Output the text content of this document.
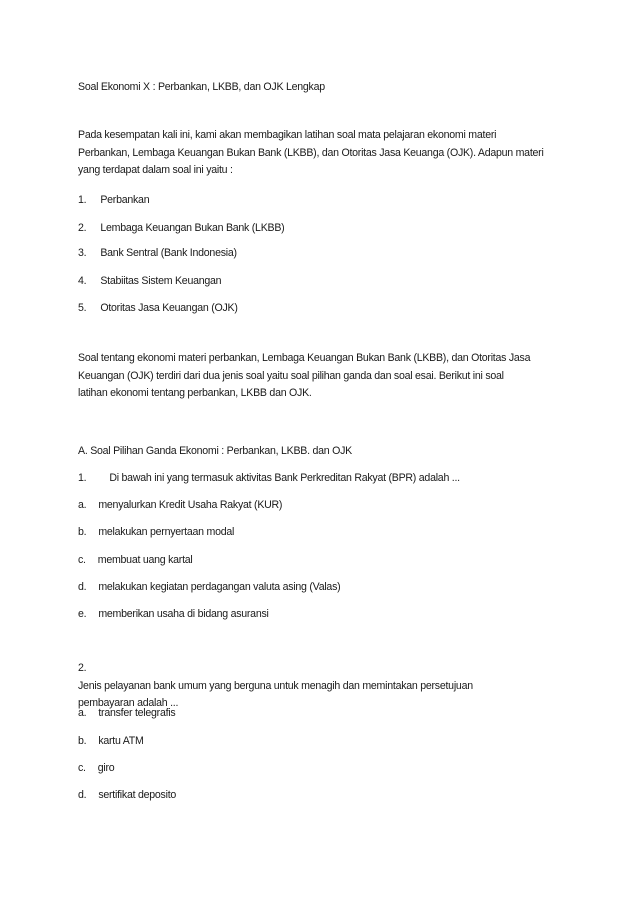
Soal Ekonomi X : Perbankan, LKBB, dan OJK Lengkap
Pada kesempatan kali ini, kami akan membagikan latihan soal mata pelajaran ekonomi materi
Perbankan, Lembaga Keuangan Bukan Bank (LKBB), dan Otoritas Jasa Keuanga (OJK). Adapun materi
yang terdapat dalam soal ini yaitu :
1. Perbankan
2. Lembaga Keuangan Bukan Bank (LKBB)
3. Bank Sentral (Bank Indonesia)
4. Stabiitas Sistem Keuangan
5. Otoritas Jasa Keuangan (OJK)
Soal tentang ekonomi materi perbankan, Lembaga Keuangan Bukan Bank (LKBB), dan Otoritas Jasa
Keuangan (OJK) terdiri dari dua jenis soal yaitu soal pilihan ganda dan soal esai. Berikut ini soal
latihan ekonomi tentang perbankan, LKBB dan OJK.
A. Soal Pilihan Ganda Ekonomi : Perbankan, LKBB. dan OJK
1. Di bawah ini yang termasuk aktivitas Bank Perkreditan Rakyat (BPR) adalah ...
a. menyalurkan Kredit Usaha Rakyat (KUR)
b. melakukan pernyertaan modal
c. membuat uang kartal
d. melakukan kegiatan perdagangan valuta asing (Valas)
e. memberikan usaha di bidang asuransi
2.
Jenis pelayanan bank umum yang berguna untuk menagih dan memintakan persetujuan
pembayaran adalah ...
a. transfer telegrafis
b. kartu ATM
c. giro
d. sertifikat deposito
